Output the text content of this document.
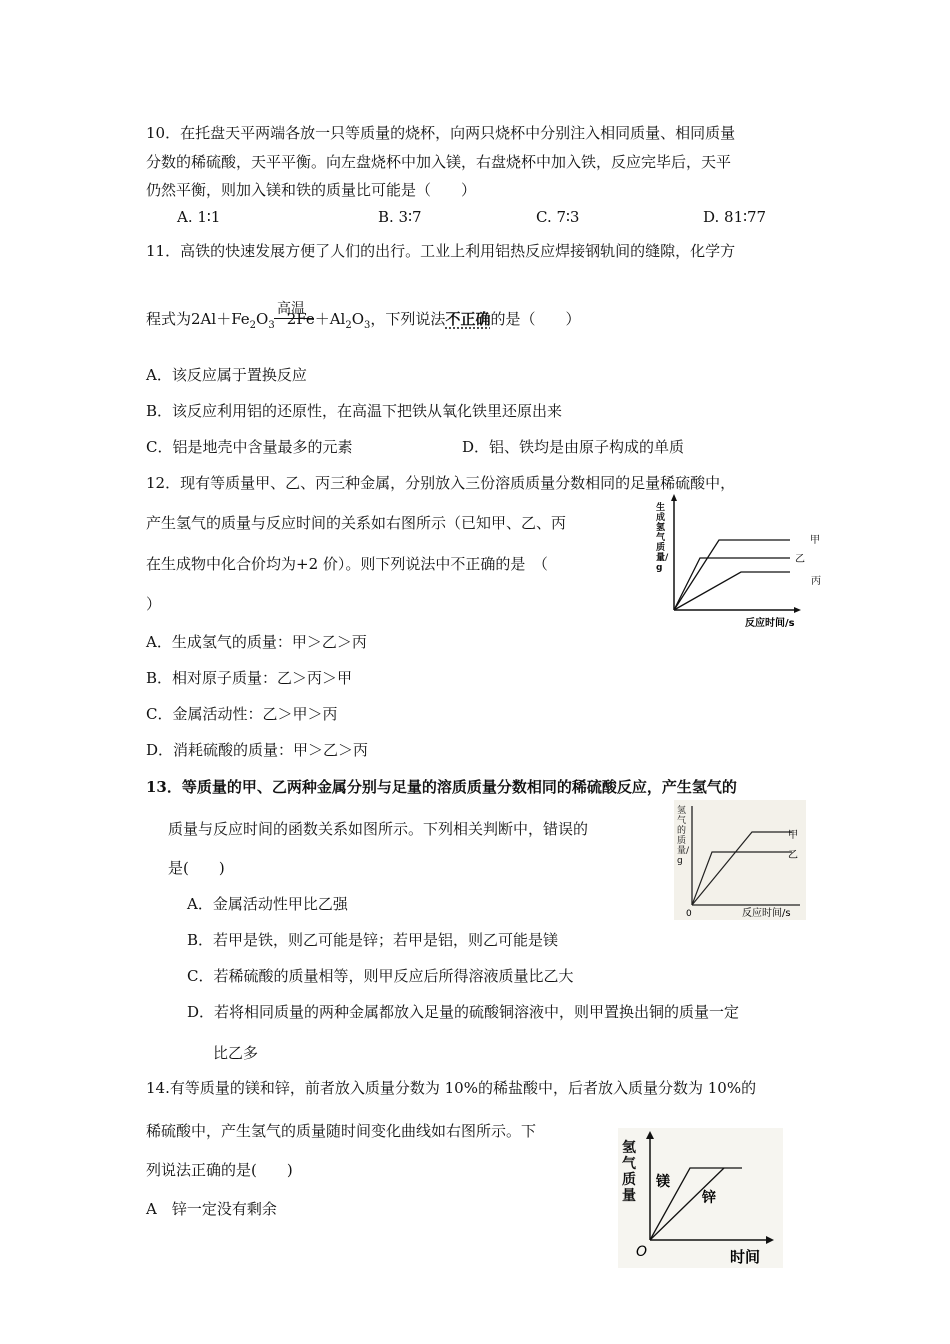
10．在托盘天平两端各放一只等质量的烧杯，向两只烧杯中分别注入相同质量、相同质量
分数的稀硫酸，天平平衡。向左盘烧杯中加入镁，右盘烧杯中加入铁，反应完毕后，天平
仍然平衡，则加入镁和铁的质量比可能是（　　）
A. 1∶1	B. 3∶7	C. 7∶3	D. 81∶77
11．高铁的快速发展方便了人们的出行。工业上利用铝热反应焊接钢轨间的缝隙，化学方
高温
程式为$2Al+Fe_2O_3$ $2Fe+Al_2O_3$，下列说法不正确的是（　　）
A．该反应属于置换反应
B．该反应利用铝的还原性，在高温下把铁从氧化铁里还原出来
C．铝是地壳中含量最多的元素	D．铝、铁均是由原子构成的单质
12．现有等质量甲、乙、丙三种金属，分别放入三份溶质质量分数相同的足量稀硫酸中，
产生氢气的质量与反应时间的关系如右图所示（已知甲、乙、丙
在生成物中化合价均为+2 价）。则下列说法中不正确的是　（
）
A．生成氢气的质量：甲＞乙＞丙
B．相对原子质量：乙＞丙＞甲
C．金属活动性：乙＞甲＞丙
D．消耗硫酸的质量：甲＞乙＞丙
甲
乙
丙
反应时间/s
生成氢气质量/g
13．等质量的甲、乙两种金属分别与足量的溶质质量分数相同的稀硫酸反应，产生氢气的
质量与反应时间的函数关系如图所示。下列相关判断中，错误的
是(　　)
A．金属活动性甲比乙强
B．若甲是铁，则乙可能是锌；若甲是铝，则乙可能是镁
C．若稀硫酸的质量相等，则甲反应后所得溶液质量比乙大
D．若将相同质量的两种金属都放入足量的硫酸铜溶液中，则甲置换出铜的质量一定
比乙多
甲
乙
0	反应时间/s
氢气的质量/g
14.有等质量的镁和锌，前者放入质量分数为 10%的稀盐酸中，后者放入质量分数为 10%的
稀硫酸中，产生氢气的质量随时间变化曲线如右图所示。下
列说法正确的是(　　)
A　锌一定没有剩余
镁
锌
O	时间
氢气质量
